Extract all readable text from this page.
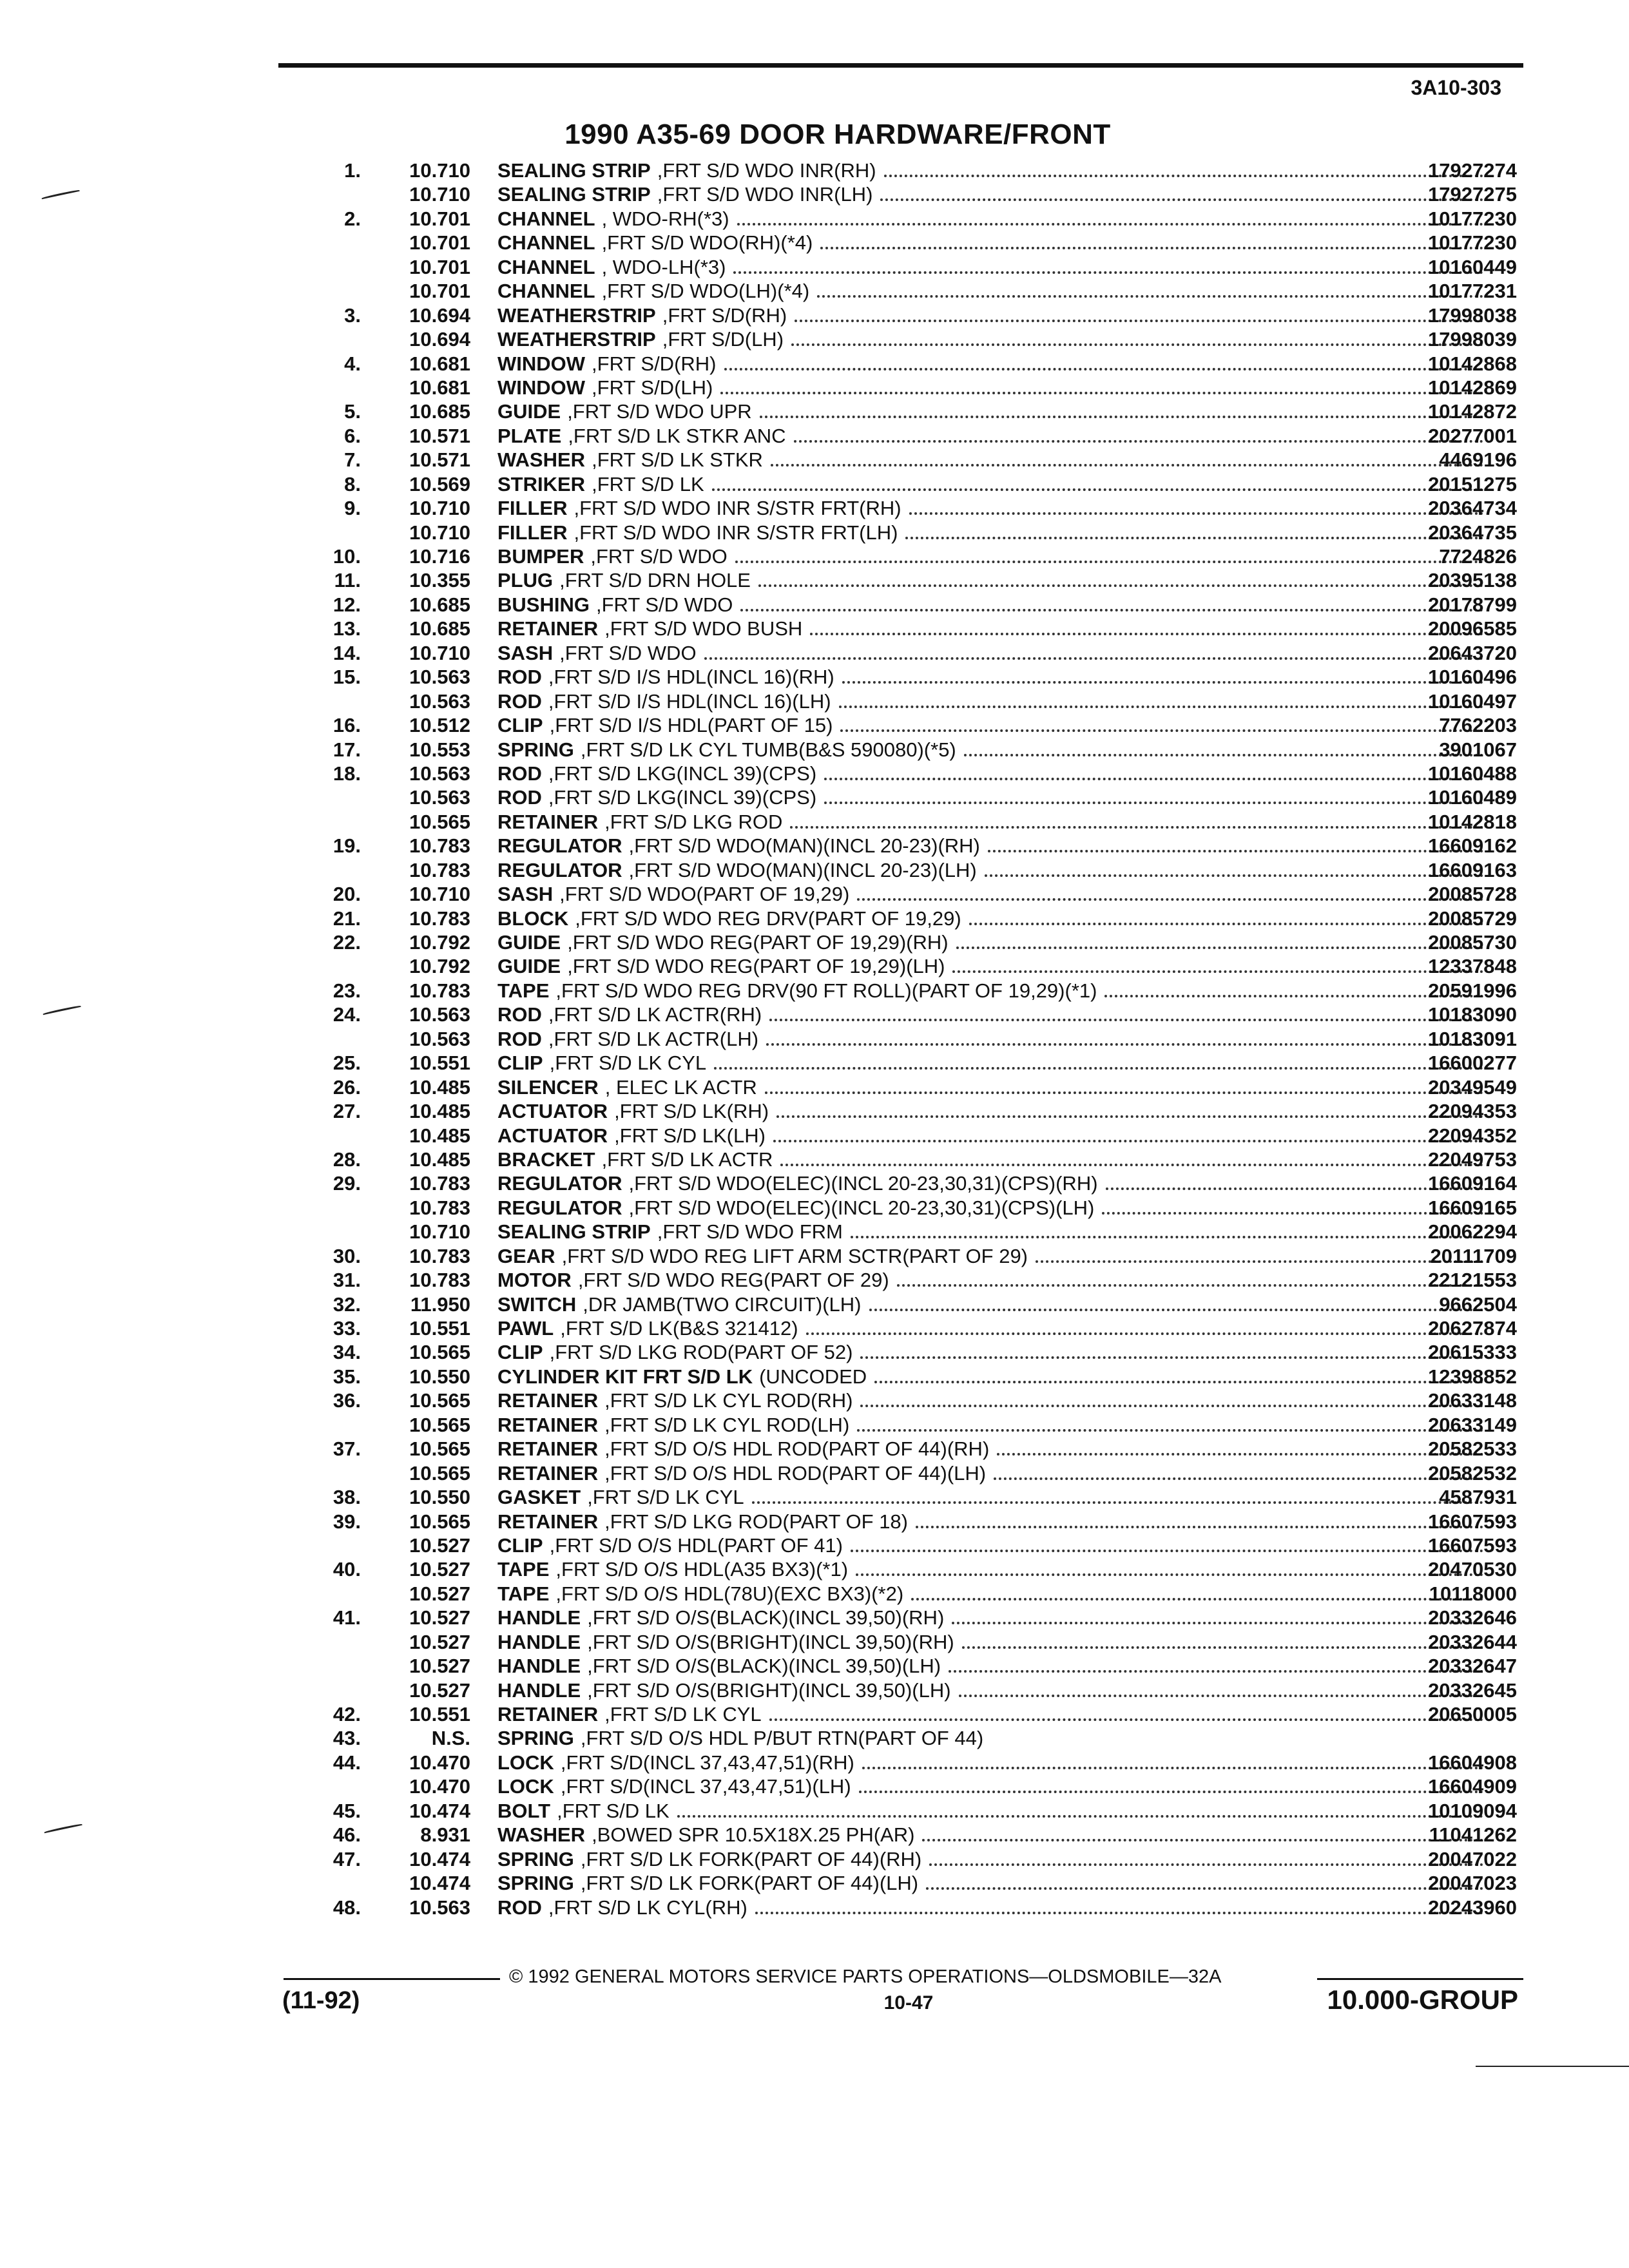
3A10-303
1990 A35-69 DOOR HARDWARE/FRONT
1.	10.710 SEALING STRIP ,FRT S/D WDO INR(RH)	17927274
10.710 SEALING STRIP ,FRT S/D WDO INR(LH)	17927275
2.	10.701 CHANNEL , WDO-RH(*3)	10177230
10.701 CHANNEL ,FRT S/D WDO(RH)(*4)	10177230
10.701 CHANNEL , WDO-LH(*3)	10160449
10.701 CHANNEL ,FRT S/D WDO(LH)(*4)	10177231
3.	10.694 WEATHERSTRIP ,FRT S/D(RH)	17998038
10.694 WEATHERSTRIP ,FRT S/D(LH)	17998039
4.	10.681 WINDOW ,FRT S/D(RH)	10142868
10.681 WINDOW ,FRT S/D(LH)	10142869
5.	10.685 GUIDE ,FRT S/D WDO UPR	10142872
6.	10.571 PLATE ,FRT S/D LK STKR ANC	20277001
7.	10.571 WASHER ,FRT S/D LK STKR	4469196
8.	10.569 STRIKER ,FRT S/D LK	20151275
9.	10.710 FILLER ,FRT S/D WDO INR S/STR FRT(RH)	20364734
10.710 FILLER ,FRT S/D WDO INR S/STR FRT(LH)	20364735
10.	10.716 BUMPER ,FRT S/D WDO	7724826
11.	10.355 PLUG ,FRT S/D DRN HOLE	20395138
12.	10.685 BUSHING ,FRT S/D WDO	20178799
13.	10.685 RETAINER ,FRT S/D WDO BUSH	20096585
14.	10.710 SASH ,FRT S/D WDO	20643720
15.	10.563 ROD ,FRT S/D I/S HDL(INCL 16)(RH)	10160496
10.563 ROD ,FRT S/D I/S HDL(INCL 16)(LH)	10160497
16.	10.512 CLIP ,FRT S/D I/S HDL(PART OF 15)	7762203
17.	10.553 SPRING ,FRT S/D LK CYL TUMB(B&S 590080)(*5)	3901067
18.	10.563 ROD ,FRT S/D LKG(INCL 39)(CPS)	10160488
10.563 ROD ,FRT S/D LKG(INCL 39)(CPS)	10160489
10.565 RETAINER ,FRT S/D LKG ROD	10142818
19.	10.783 REGULATOR ,FRT S/D WDO(MAN)(INCL 20-23)(RH)	16609162
10.783 REGULATOR ,FRT S/D WDO(MAN)(INCL 20-23)(LH)	16609163
20.	10.710 SASH ,FRT S/D WDO(PART OF 19,29)	20085728
21.	10.783 BLOCK ,FRT S/D WDO REG DRV(PART OF 19,29)	20085729
22.	10.792 GUIDE ,FRT S/D WDO REG(PART OF 19,29)(RH)	20085730
10.792 GUIDE ,FRT S/D WDO REG(PART OF 19,29)(LH)	12337848
23.	10.783 TAPE ,FRT S/D WDO REG DRV(90 FT ROLL)(PART OF 19,29)(*1)	20591996
24.	10.563 ROD ,FRT S/D LK ACTR(RH)	10183090
10.563 ROD ,FRT S/D LK ACTR(LH)	10183091
25.	10.551 CLIP ,FRT S/D LK CYL	16600277
26.	10.485 SILENCER , ELEC LK ACTR	20349549
27.	10.485 ACTUATOR ,FRT S/D LK(RH)	22094353
10.485 ACTUATOR ,FRT S/D LK(LH)	22094352
28.	10.485 BRACKET ,FRT S/D LK ACTR	22049753
29.	10.783 REGULATOR ,FRT S/D WDO(ELEC)(INCL 20-23,30,31)(CPS)(RH)	16609164
10.783 REGULATOR ,FRT S/D WDO(ELEC)(INCL 20-23,30,31)(CPS)(LH)	16609165
10.710 SEALING STRIP ,FRT S/D WDO FRM	20062294
30.	10.783 GEAR ,FRT S/D WDO REG LIFT ARM SCTR(PART OF 29)	20111709
31.	10.783 MOTOR ,FRT S/D WDO REG(PART OF 29)	22121553
32.	11.950 SWITCH ,DR JAMB(TWO CIRCUIT)(LH)	9662504
33.	10.551 PAWL ,FRT S/D LK(B&S 321412)	20627874
34.	10.565 CLIP ,FRT S/D LKG ROD(PART OF 52)	20615333
35.	10.550 CYLINDER KIT FRT S/D LK (UNCODED	12398852
36.	10.565 RETAINER ,FRT S/D LK CYL ROD(RH)	20633148
10.565 RETAINER ,FRT S/D LK CYL ROD(LH)	20633149
37.	10.565 RETAINER ,FRT S/D O/S HDL ROD(PART OF 44)(RH)	20582533
10.565 RETAINER ,FRT S/D O/S HDL ROD(PART OF 44)(LH)	20582532
38.	10.550 GASKET ,FRT S/D LK CYL	4587931
39.	10.565 RETAINER ,FRT S/D LKG ROD(PART OF 18)	16607593
10.527 CLIP ,FRT S/D O/S HDL(PART OF 41)	16607593
40.	10.527 TAPE ,FRT S/D O/S HDL(A35 BX3)(*1)	20470530
10.527 TAPE ,FRT S/D O/S HDL(78U)(EXC BX3)(*2)	10118000
41.	10.527 HANDLE ,FRT S/D O/S(BLACK)(INCL 39,50)(RH)	20332646
10.527 HANDLE ,FRT S/D O/S(BRIGHT)(INCL 39,50)(RH)	20332644
10.527 HANDLE ,FRT S/D O/S(BLACK)(INCL 39,50)(LH)	20332647
10.527 HANDLE ,FRT S/D O/S(BRIGHT)(INCL 39,50)(LH)	20332645
42.	10.551 RETAINER ,FRT S/D LK CYL	20650005
43.	N.S. SPRING ,FRT S/D O/S HDL P/BUT RTN(PART OF 44)
44.	10.470 LOCK ,FRT S/D(INCL 37,43,47,51)(RH)	16604908
10.470 LOCK ,FRT S/D(INCL 37,43,47,51)(LH)	16604909
45.	10.474 BOLT ,FRT S/D LK	10109094
46.	8.931 WASHER ,BOWED SPR 10.5X18X.25 PH(AR)	11041262
47.	10.474 SPRING ,FRT S/D LK FORK(PART OF 44)(RH)	20047022
10.474 SPRING ,FRT S/D LK FORK(PART OF 44)(LH)	20047023
48.	10.563 ROD ,FRT S/D LK CYL(RH)	20243960
© 1992 GENERAL MOTORS SERVICE PARTS OPERATIONS—OLDSMOBILE—32A
(11-92)	10-47	10.000-GROUP
